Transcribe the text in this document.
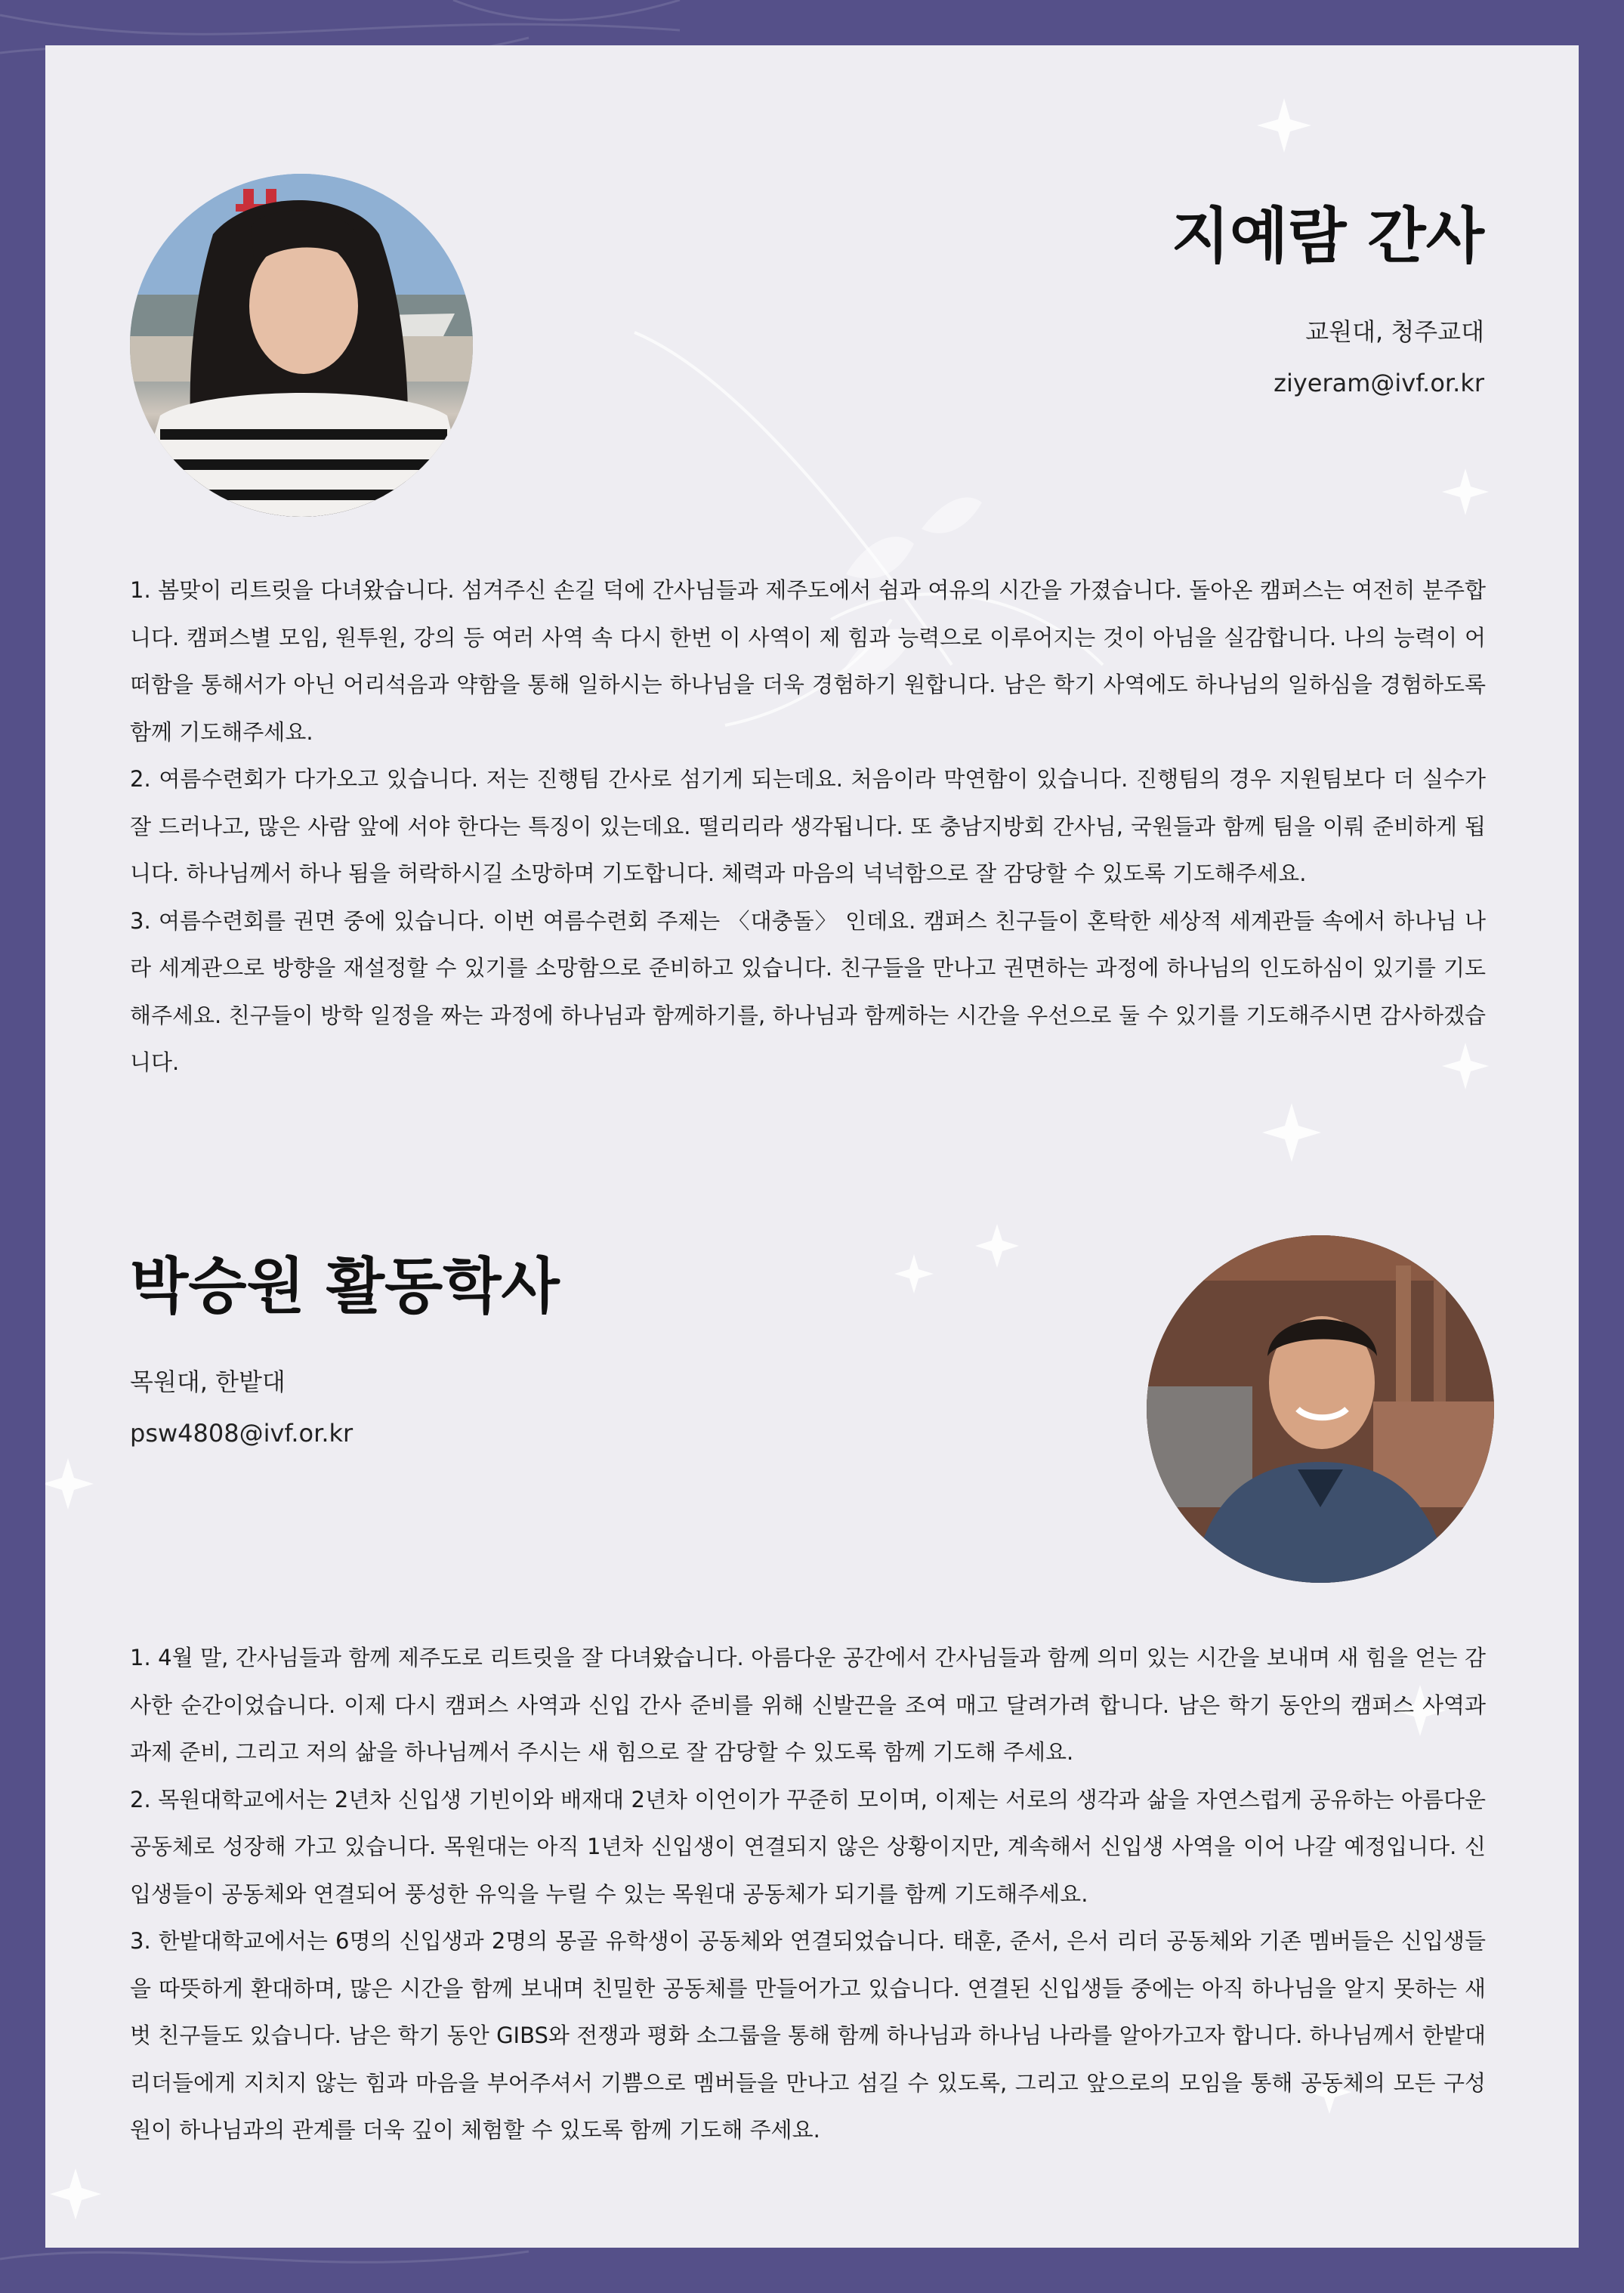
지예람 간사

교원대, 청주교대

ziyeram@ivf.or.kr

1. 봄맞이 리트릿을 다녀왔습니다. 섬겨주신 손길 덕에 간사님들과 제주도에서 쉼과 여유의 시간을 가졌습니다. 돌아온 캠퍼스는 여전히 분주합니다. 캠퍼스별 모임, 원투원, 강의 등 여러 사역 속 다시 한번 이 사역이 제 힘과 능력으로 이루어지는 것이 아님을 실감합니다. 나의 능력이 어떠함을 통해서가 아닌 어리석음과 약함을 통해 일하시는 하나님을 더욱 경험하기 원합니다. 남은 학기 사역에도 하나님의 일하심을 경험하도록 함께 기도해주세요.

2. 여름수련회가 다가오고 있습니다. 저는 진행팀 간사로 섬기게 되는데요. 처음이라 막연함이 있습니다. 진행팀의 경우 지원팀보다 더 실수가 잘 드러나고, 많은 사람 앞에 서야 한다는 특징이 있는데요. 떨리리라 생각됩니다. 또 충남지방회 간사님, 국원들과 함께 팀을 이뤄 준비하게 됩니다. 하나님께서 하나 됨을 허락하시길 소망하며 기도합니다. 체력과 마음의 넉넉함으로 잘 감당할 수 있도록 기도해주세요.

3. 여름수련회를 권면 중에 있습니다. 이번 여름수련회 주제는 〈대충돌〉 인데요. 캠퍼스 친구들이 혼탁한 세상적 세계관들 속에서 하나님 나라 세계관으로 방향을 재설정할 수 있기를 소망함으로 준비하고 있습니다. 친구들을 만나고 권면하는 과정에 하나님의 인도하심이 있기를 기도해주세요. 친구들이 방학 일정을 짜는 과정에 하나님과 함께하기를, 하나님과 함께하는 시간을 우선으로 둘 수 있기를 기도해주시면 감사하겠습니다.

박승원 활동학사

목원대, 한밭대

psw4808@ivf.or.kr

1. 4월 말, 간사님들과 함께 제주도로 리트릿을 잘 다녀왔습니다. 아름다운 공간에서 간사님들과 함께 의미 있는 시간을 보내며 새 힘을 얻는 감사한 순간이었습니다. 이제 다시 캠퍼스 사역과 신입 간사 준비를 위해 신발끈을 조여 매고 달려가려 합니다. 남은 학기 동안의 캠퍼스 사역과 과제 준비, 그리고 저의 삶을 하나님께서 주시는 새 힘으로 잘 감당할 수 있도록 함께 기도해 주세요.

2. 목원대학교에서는 2년차 신입생 기빈이와 배재대 2년차 이언이가 꾸준히 모이며, 이제는 서로의 생각과 삶을 자연스럽게 공유하는 아름다운 공동체로 성장해 가고 있습니다. 목원대는 아직 1년차 신입생이 연결되지 않은 상황이지만, 계속해서 신입생 사역을 이어 나갈 예정입니다. 신입생들이 공동체와 연결되어 풍성한 유익을 누릴 수 있는 목원대 공동체가 되기를 함께 기도해주세요.

3. 한밭대학교에서는 6명의 신입생과 2명의 몽골 유학생이 공동체와 연결되었습니다. 태훈, 준서, 은서 리더 공동체와 기존 멤버들은 신입생들을 따뜻하게 환대하며, 많은 시간을 함께 보내며 친밀한 공동체를 만들어가고 있습니다. 연결된 신입생들 중에는 아직 하나님을 알지 못하는 새벗 친구들도 있습니다. 남은 학기 동안 GIBS와 전쟁과 평화 소그룹을 통해 함께 하나님과 하나님 나라를 알아가고자 합니다. 하나님께서 한밭대 리더들에게 지치지 않는 힘과 마음을 부어주셔서 기쁨으로 멤버들을 만나고 섬길 수 있도록, 그리고 앞으로의 모임을 통해 공동체의 모든 구성원이 하나님과의 관계를 더욱 깊이 체험할 수 있도록 함께 기도해 주세요.
